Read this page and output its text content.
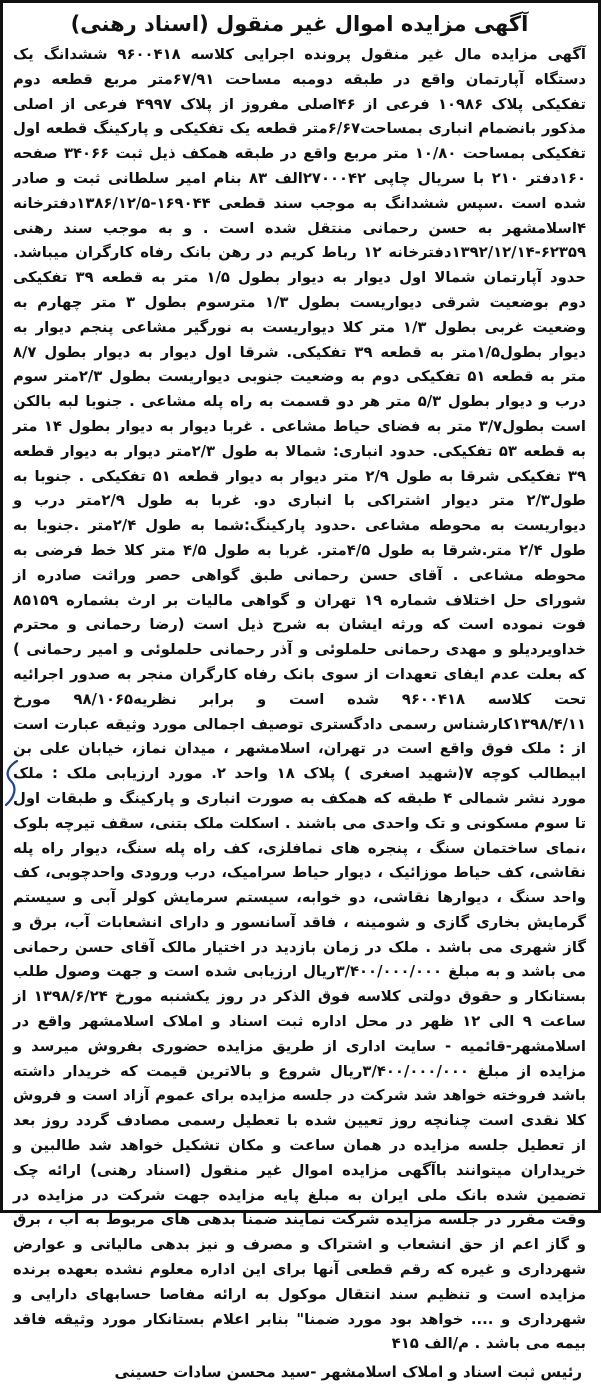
آگهی مزایده اموال غیر منقول (اسناد رهنی)

آگهی مزایده مال غیر منقول پرونده اجرایی کلاسه ۹۶۰۰۴۱۸ ششدانگ یک دستگاه آپارتمان واقع در طبقه دومبه مساحت ۶۷/۹۱متر مربع قطعه دوم تفکیکی پلاک ۱۰۹۸۶ فرعی از ۴۶اصلی مفروز از پلاک ۴۹۹۷ فرعی از اصلی مذکور بانضمام انباری بمساحت۶/۶۷متر قطعه یک تفکیکی و پارکینگ قطعه اول تفکیکی بمساحت ۱۰/۸۰ متر مربع واقع در طبقه همکف ذیل ثبت ۳۴۰۶۶ صفحه ۱۶۰دفتر ۲۱۰ با سریال چاپی ۲۷۰۰۰۴۲الف ۸۳ بنام امیر سلطانی ثبت و صادر شده است .سپس ششدانگ به موجب سند قطعی ۱۶۹۰۴۴-۱۳۸۶/۱۲/۵دفترخانه ۴اسلامشهر به حسن رحمانی منتقل شده است . و به موجب سند رهنی ۶۲۳۵۹-۱۳۹۲/۱۲/۱۴دفترخانه ۱۲ رباط کریم در رهن بانک رفاه کارگران میباشد. حدود آپارتمان شمالا اول دیوار به دیوار بطول ۱/۵ متر به قطعه ۳۹ تفکیکی دوم بوضعیت شرقی دیواریست بطول ۱/۳ مترسوم بطول ۳ متر چهارم به وضعیت غربی بطول ۱/۳ متر کلا دیواریست به نورگیر مشاعی پنجم دیوار به دیوار بطول۱/۵متر به قطعه ۳۹ تفکیکی. شرقا اول دیوار به دیوار بطول ۸/۷ متر به قطعه ۵۱ تفکیکی دوم به وضعیت جنوبی دیواریست بطول ۲/۳متر سوم درب و دیوار بطول ۵/۳ متر هر دو قسمت به راه پله مشاعی . جنوبا لبه بالکن است بطول۳/۷ متر به فضای حیاط مشاعی . غربا دیوار به دیوار بطول ۱۴ متر به قطعه ۵۳ تفکیکی. حدود انباری: شمالا به طول ۲/۳متر دیوار به دیوار قطعه ۳۹ تفکیکی شرقا به طول ۲/۹ متر دیوار به دیوار قطعه ۵۱ تفکیکی . جنوبا به طول۲/۳ متر دیوار اشتراکی با انباری دو. غربا به طول ۲/۹متر درب و دیواریست به محوطه مشاعی .حدود پارکینگ:شما به طول ۲/۴متر .جنوبا به طول ۲/۴ متر.شرقا به طول ۴/۵متر. غربا به طول ۴/۵ متر کلا خط فرضی به محوطه مشاعی . آقای حسن رحمانی طبق گواهی حصر وراثت صادره از شورای حل اختلاف شماره ۱۹ تهران و گواهی مالیات بر ارث بشماره ۸۵۱۵۹ فوت نموده است که ورثه ایشان به شرح ذیل است (رضا رحمانی و محترم خداویردیلو و مهدی رحمانی حلملوئی و آذر رحمانی حلملوئی و امیر رحمانی ) که بعلت عدم ایفای تعهدات از سوی بانک رفاه کارگران منجر به صدور اجرائیه تحت کلاسه ۹۶۰۰۴۱۸ شده است و برابر نظریه۹۸/۱۰۶۵ مورخ ۱۳۹۸/۴/۱۱کارشناس رسمی دادگستری توصیف اجمالی مورد وثیقه عبارت است از : ملک فوق واقع است در تهران، اسلامشهر ، میدان نماز، خیابان علی بن ابیطالب کوچه ۷(شهید اصغری ) پلاک ۱۸ واحد ۲. مورد ارزیابی ملک : ملک مورد نشر شمالی ۴ طبقه که همکف به صورت انباری و پارکینگ و طبقات اول تا سوم مسکونی و تک واحدی می باشند . اسکلت ملک بتنی، سقف تیرچه بلوک ،نمای ساختمان سنگ ، پنجره های نمافلزی، کف راه پله سنگ، دیوار راه پله نقاشی، کف حیاط موزائیک ، دیوار حیاط سرامیک، درب ورودی واحدچوبی، کف واحد سنگ ، دیوارها نقاشی، دو خوابه، سیستم سرمایش کولر آبی و سیستم گرمایش بخاری گازی و شومینه ، فاقد آسانسور و دارای انشعابات آب، برق و گاز شهری می باشد . ملک در زمان بازدید در اختیار مالک آقای حسن رحمانی می باشد و به مبلغ ۳/۴۰۰/۰۰۰/۰۰۰ریال ارزیابی شده است و جهت وصول طلب بستانکار و حقوق دولتی کلاسه فوق الذکر در روز یکشنبه مورخ ۱۳۹۸/۶/۲۴ از ساعت ۹ الی ۱۲ ظهر در محل اداره ثبت اسناد و املاک اسلامشهر واقع در اسلامشهر-قائمیه - سایت اداری از طریق مزایده حضوری بفروش میرسد و مزایده از مبلغ ۳/۴۰۰/۰۰۰/۰۰۰ریال شروع و بالاترین قیمت که خریدار داشته باشد فروخته خواهد شد شرکت در جلسه مزایده برای عموم آزاد است و فروش کلا نقدی است چنانچه روز تعیین شده با تعطیل رسمی مصادف گردد روز بعد از تعطیل جلسه مزایده در همان ساعت و مکان تشکیل خواهد شد طالبین و خریداران میتوانند باآگهی مزایده اموال غیر منقول (اسناد رهنی) ارائه چک تضمین شده بانک ملی ایران به مبلغ پایه مزایده جهت شرکت در مزایده در وقت مقرر در جلسه مزایده شرکت نمایند ضمنا بدهی های مربوط به آب ، برق و گاز اعم از حق انشعاب و اشتراک و مصرف و نیز بدهی مالیاتی و عوارض شهرداری و غیره که رقم قطعی آنها برای این اداره معلوم نشده بعهده برنده مزایده است و تنظیم سند انتقال موکول به ارائه مفاصا حسابهای دارایی و شهرداری و .... خواهد بود مورد ضمنا" بنابر اعلام بستانکار مورد وثیقه فاقد بیمه می باشد . م/الف ۴۱۵

رئیس ثبت اسناد و املاک اسلامشهر -سید محسن سادات حسینی
